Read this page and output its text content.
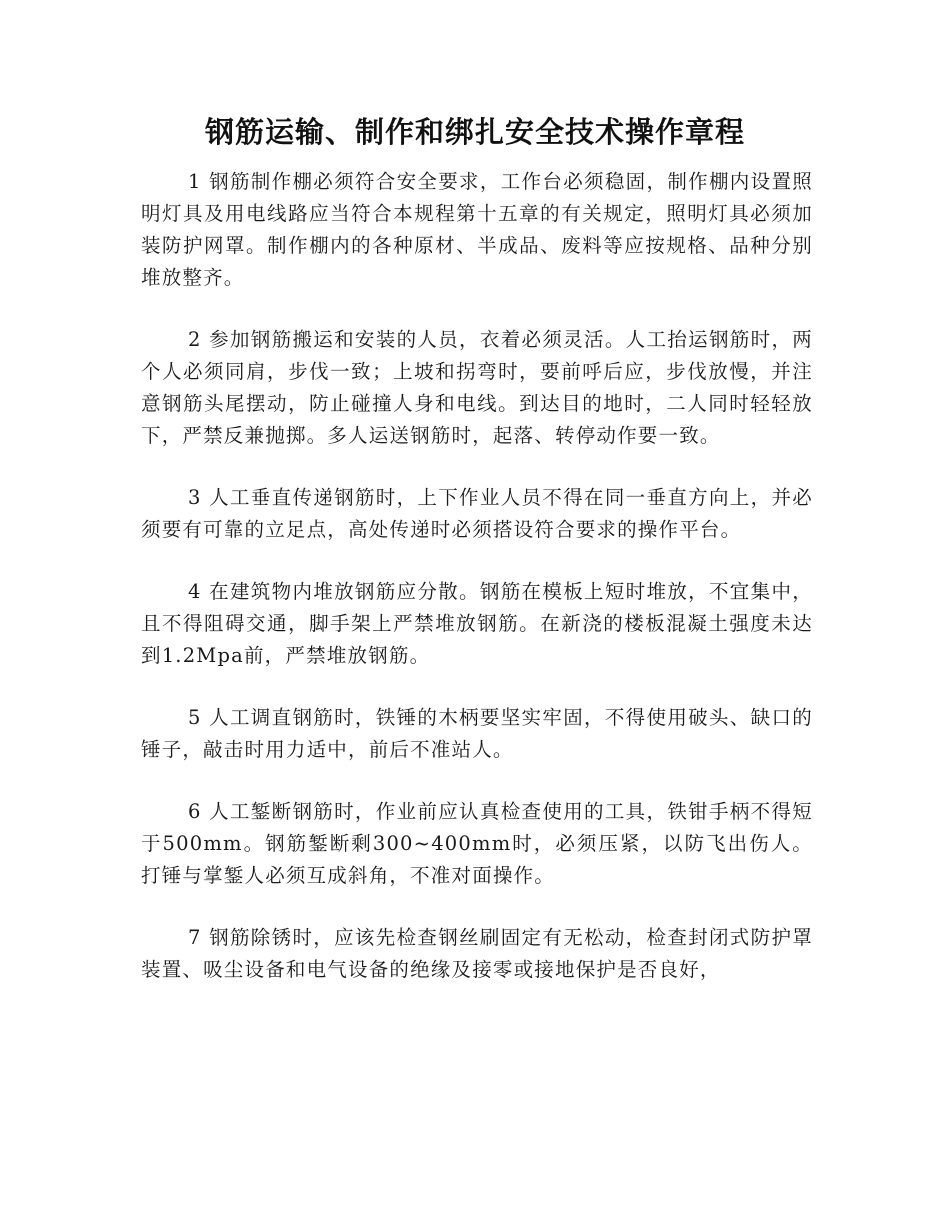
钢筋运输、制作和绑扎安全技术操作章程

1 钢筋制作棚必须符合安全要求，工作台必须稳固，制作棚内设置照明灯具及用电线路应当符合本规程第十五章的有关规定，照明灯具必须加装防护网罩。制作棚内的各种原材、半成品、废料等应按规格、品种分别堆放整齐。

2 参加钢筋搬运和安装的人员，衣着必须灵活。人工抬运钢筋时，两个人必须同肩，步伐一致；上坡和拐弯时，要前呼后应，步伐放慢，并注意钢筋头尾摆动，防止碰撞人身和电线。到达目的地时，二人同时轻轻放下，严禁反兼抛掷。多人运送钢筋时，起落、转停动作要一致。

3 人工垂直传递钢筋时，上下作业人员不得在同一垂直方向上，并必须要有可靠的立足点，高处传递时必须搭设符合要求的操作平台。

4 在建筑物内堆放钢筋应分散。钢筋在模板上短时堆放，不宜集中，且不得阻碍交通，脚手架上严禁堆放钢筋。在新浇的楼板混凝土强度未达到1.2Mpa前，严禁堆放钢筋。

5 人工调直钢筋时，铁锤的木柄要坚实牢固，不得使用破头、缺口的锤子，敲击时用力适中，前后不准站人。

6 人工錾断钢筋时，作业前应认真检查使用的工具，铁钳手柄不得短于500mm。钢筋錾断剩300~400mm时，必须压紧，以防飞出伤人。打锤与掌錾人必须互成斜角，不准对面操作。

7 钢筋除锈时，应该先检查钢丝刷固定有无松动，检查封闭式防护罩装置、吸尘设备和电气设备的绝缘及接零或接地保护是否良好，
